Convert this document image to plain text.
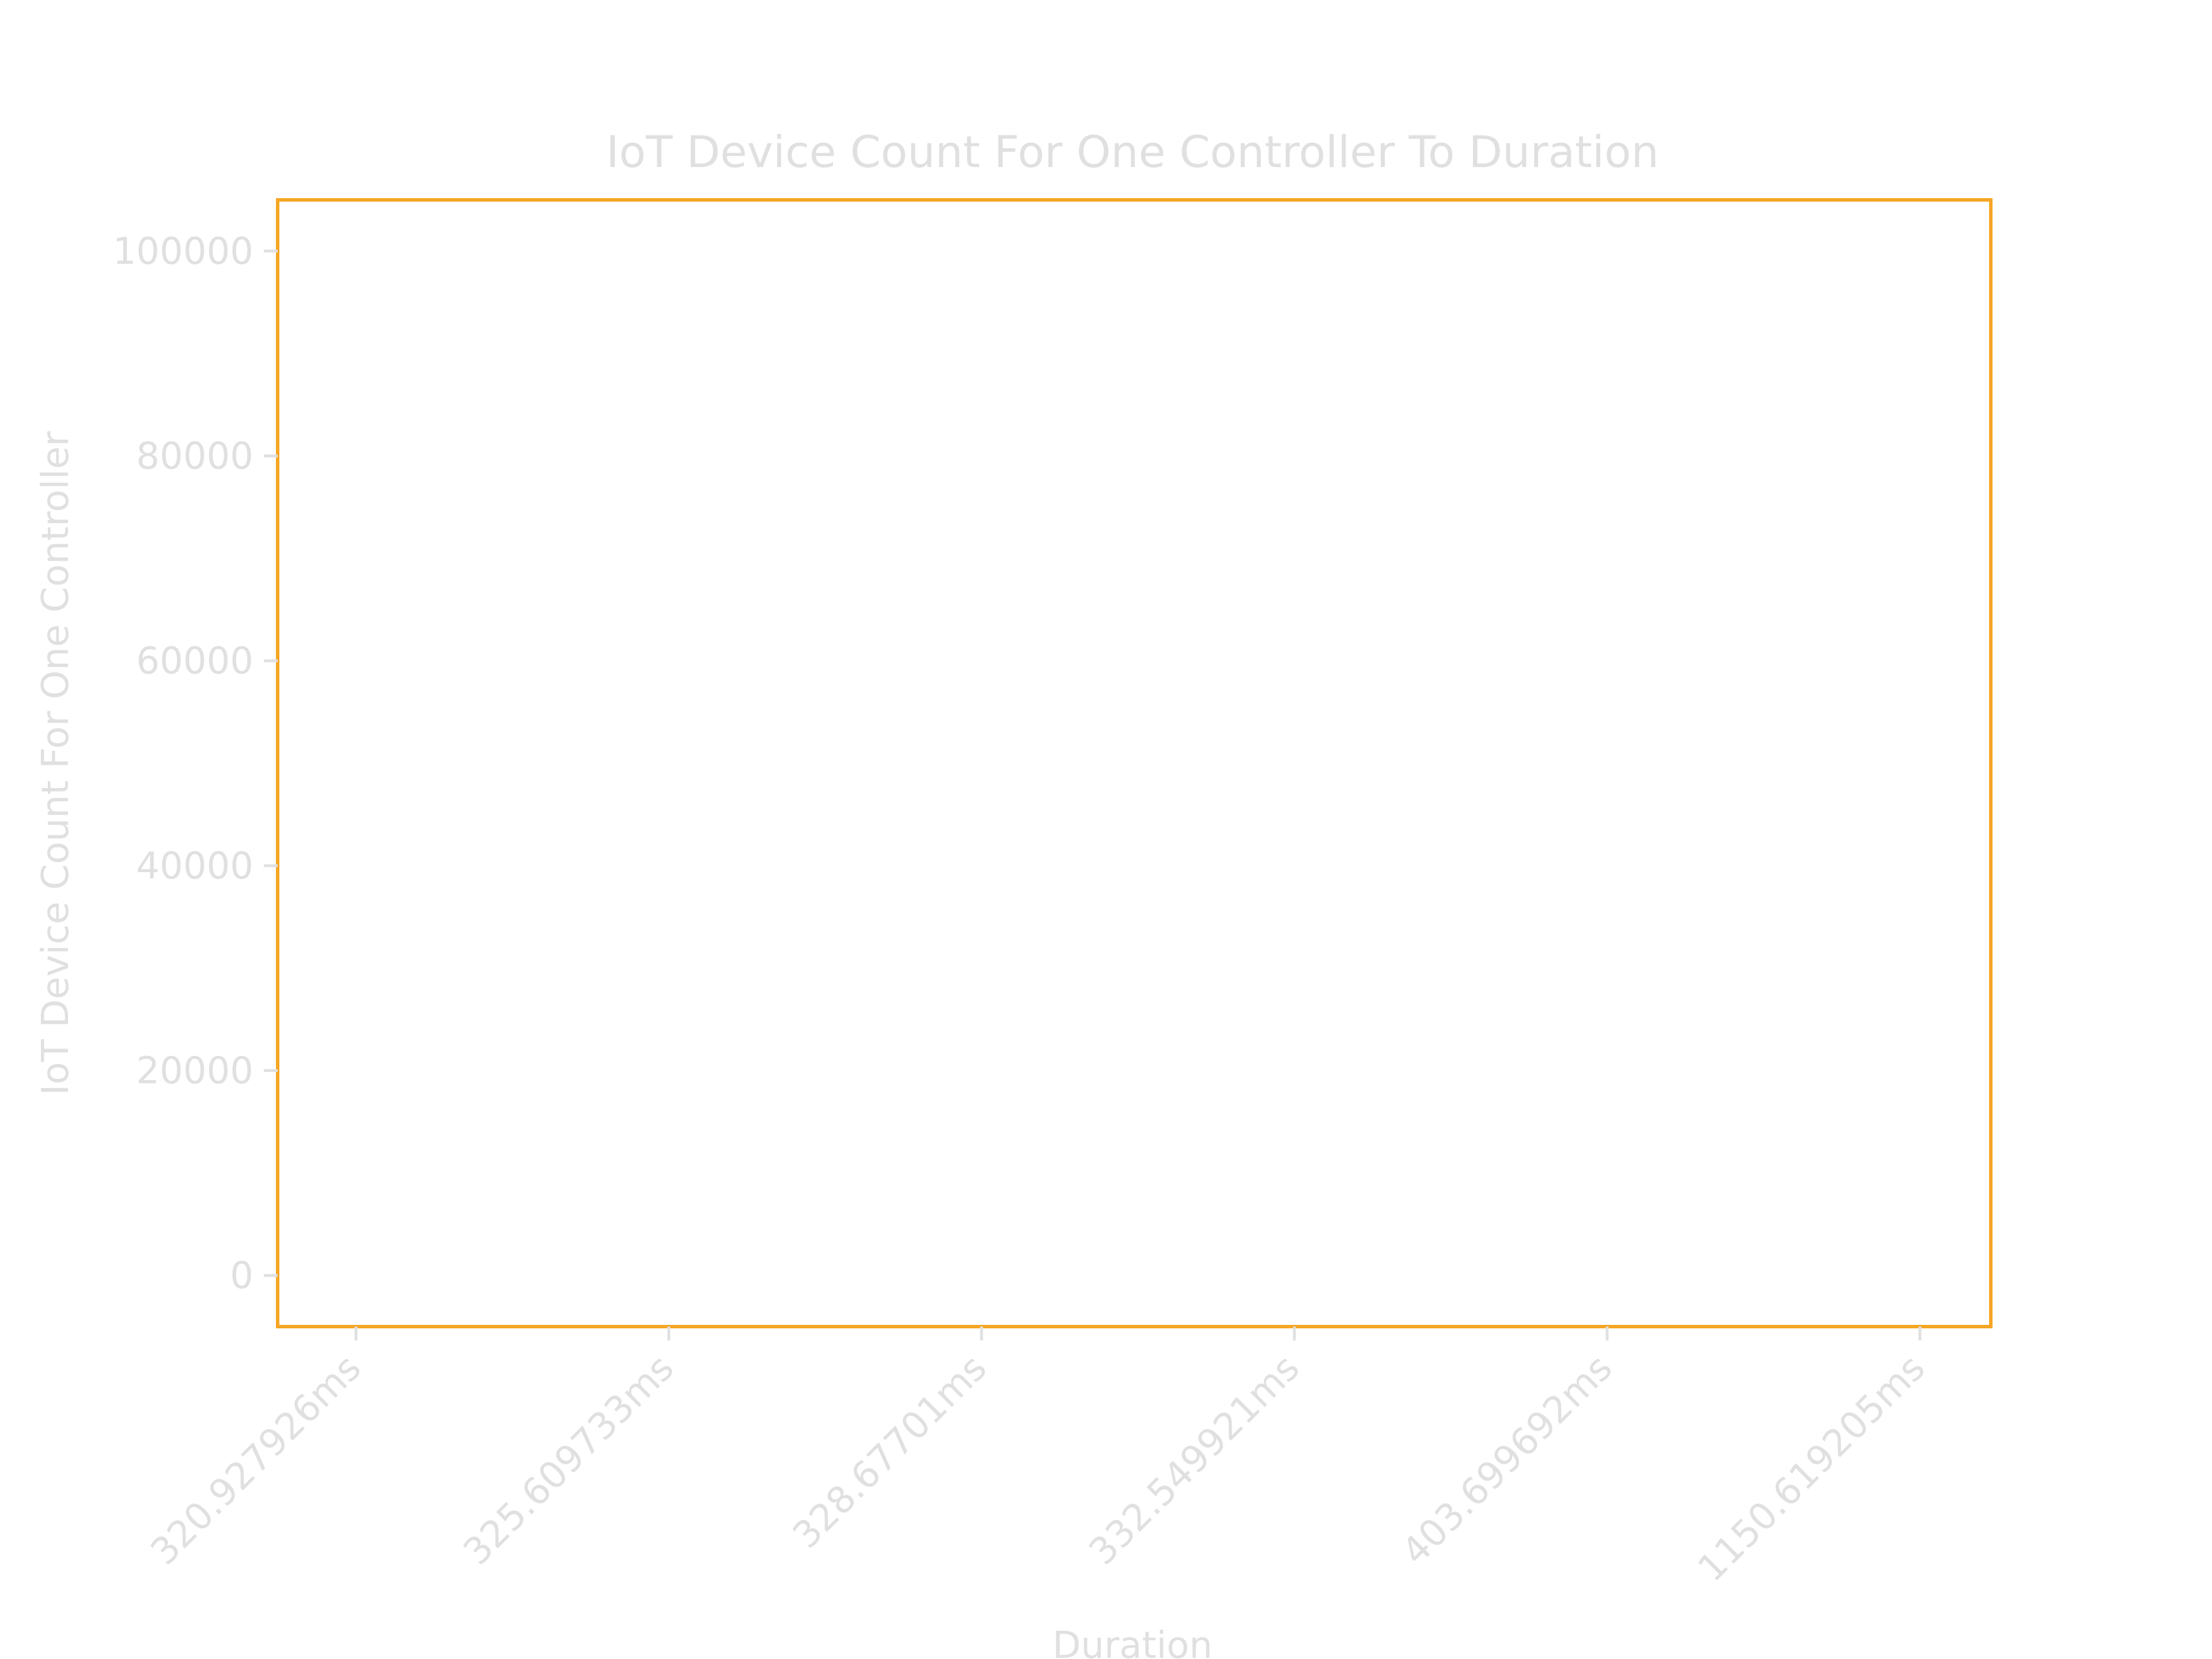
IoT Device Count For One Controller To Duration
0
20000
40000
60000
80000
100000
320.927926ms 325.609733ms	328.67701ms 332.549921ms 403.699692ms 1150.619205ms
IoT Device Count For One Controller
Duration
